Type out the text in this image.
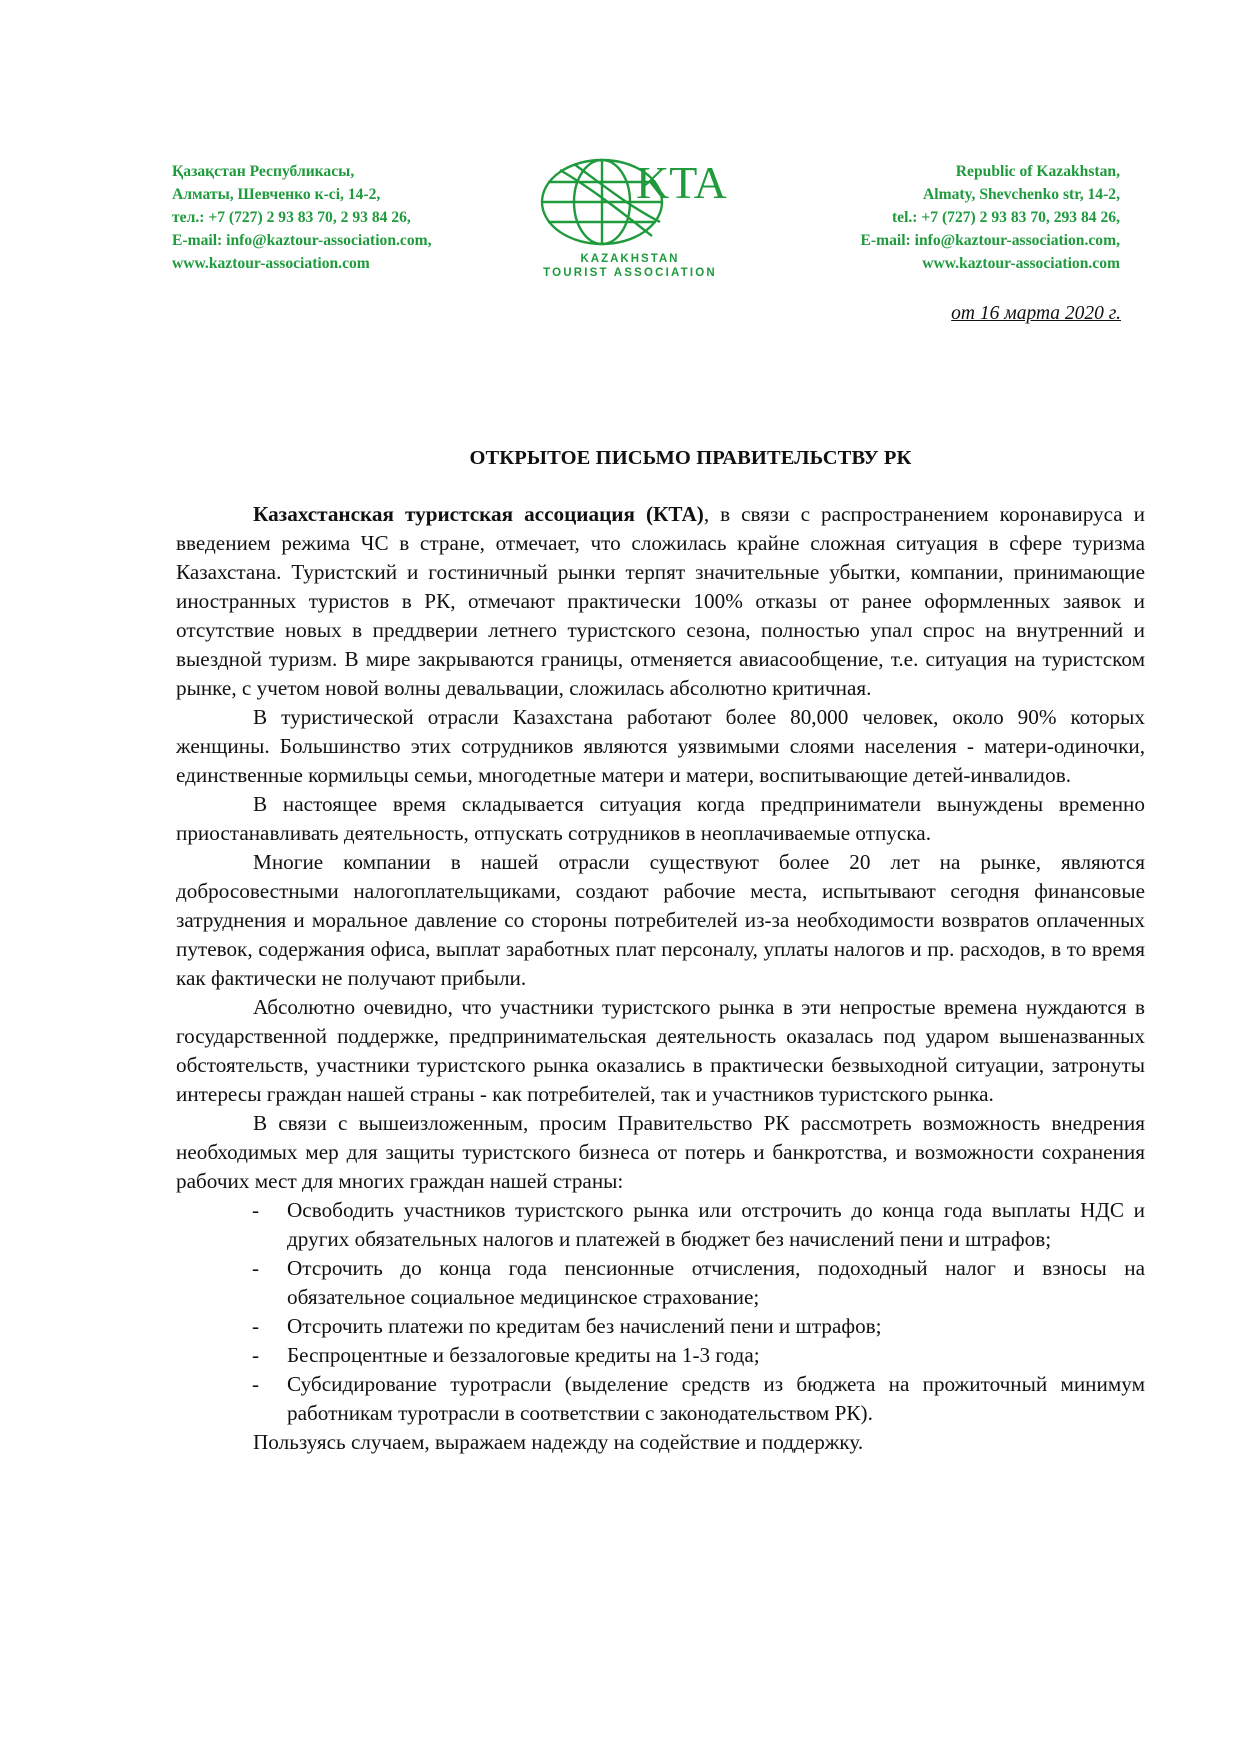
Қазақстан Республикасы,
Алматы, Шевченко к-сi, 14-2,
тел.: +7 (727) 2 93 83 70, 2 93 84 26,
E-mail: info@kaztour-association.com,
www.kaztour-association.com
KTA
KAZAKHSTAN
TOURIST ASSOCIATION
Republic of Kazakhstan,
Almaty, Shevchenko str, 14-2,
tel.: +7 (727) 2 93 83 70, 293 84 26,
E-mail: info@kaztour-association.com,
www.kaztour-association.com
от 16 марта 2020 г.
ОТКРЫТОЕ ПИСЬМО ПРАВИТЕЛЬСТВУ РК

Казахстанская туристская ассоциация (КТА), в связи с распространением коронавируса и введением режима ЧС в стране, отмечает, что сложилась крайне сложная ситуация в сфере туризма Казахстана. Туристский и гостиничный рынки терпят значительные убытки, компании, принимающие иностранных туристов в РК, отмечают практически 100% отказы от ранее оформленных заявок и отсутствие новых в преддверии летнего туристского сезона, полностью упал спрос на внутренний и выездной туризм. В мире закрываются границы, отменяется авиасообщение, т.е. ситуация на туристском рынке, с учетом новой волны девальвации, сложилась абсолютно критичная.

В туристической отрасли Казахстана работают более 80,000 человек, около 90% которых женщины. Большинство этих сотрудников являются уязвимыми слоями населения - матери-одиночки, единственные кормильцы семьи, многодетные матери и матери, воспитывающие детей-инвалидов.

В настоящее время складывается ситуация когда предприниматели вынуждены временно приостанавливать деятельность, отпускать сотрудников в неоплачиваемые отпуска.

Многие компании в нашей отрасли существуют более 20 лет на рынке, являются добросовестными налогоплательщиками, создают рабочие места, испытывают сегодня финансовые затруднения и моральное давление со стороны потребителей из-за необходимости возвратов оплаченных путевок, содержания офиса, выплат заработных плат персоналу, уплаты налогов и пр. расходов, в то время как фактически не получают прибыли.

Абсолютно очевидно, что участники туристского рынка в эти непростые времена нуждаются в государственной поддержке, предпринимательская деятельность оказалась под ударом вышеназванных обстоятельств, участники туристского рынка оказались в практически безвыходной ситуации, затронуты интересы граждан нашей страны - как потребителей, так и участников туристского рынка.

В связи с вышеизложенным, просим Правительство РК рассмотреть возможность внедрения необходимых мер для защиты туристского бизнеса от потерь и банкротства, и возможности сохранения рабочих мест для многих граждан нашей страны:

- Освободить участников туристского рынка или отстрочить до конца года выплаты НДС и других обязательных налогов и платежей в бюджет без начислений пени и штрафов;
- Отсрочить до конца года пенсионные отчисления, подоходный налог и взносы на обязательное социальное медицинское страхование;
- Отсрочить платежи по кредитам без начислений пени и штрафов;
- Беспроцентные и беззалоговые кредиты на 1-3 года;
- Субсидирование туротрасли (выделение средств из бюджета на прожиточный минимум работникам туротрасли в соответствии с законодательством РК).

Пользуясь случаем, выражаем надежду на содействие и поддержку.
